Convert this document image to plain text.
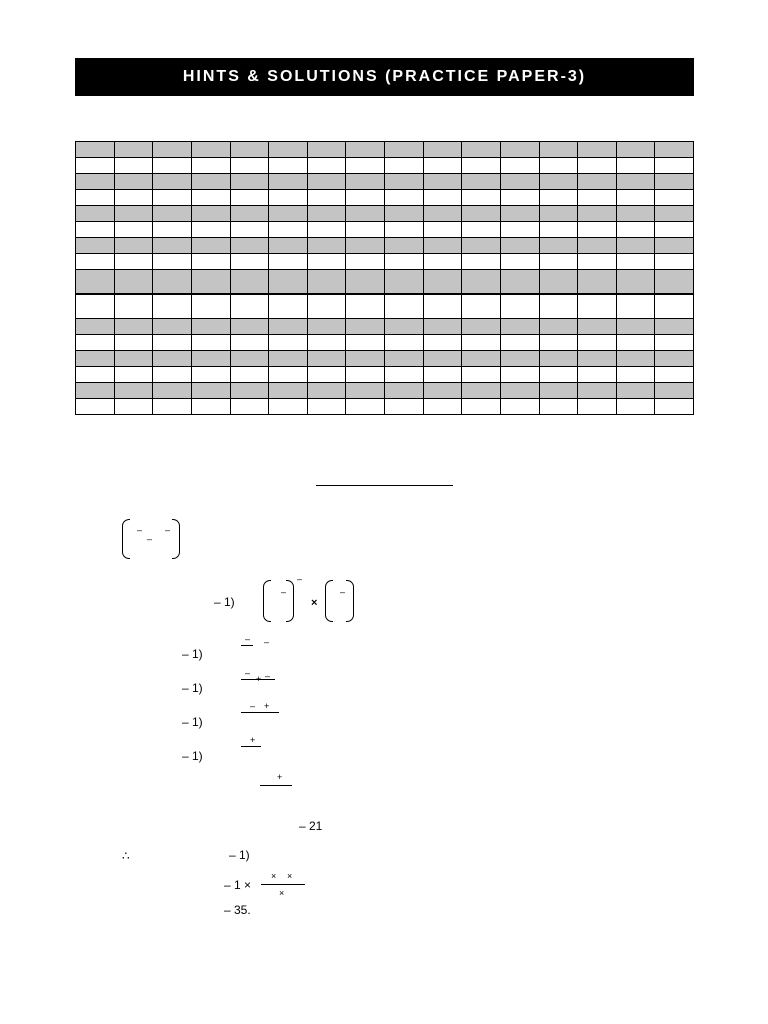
HINTS & SOLUTIONS (PRACTICE PAPER-3)

–
–
–
– 1)
–
–
×
–
– 1)
– –
– 1)
–
+ –
– 1)
– +
– 1)
+
+
– 21
∴	– 1)
– 1 ×
× ×
×
– 35.
